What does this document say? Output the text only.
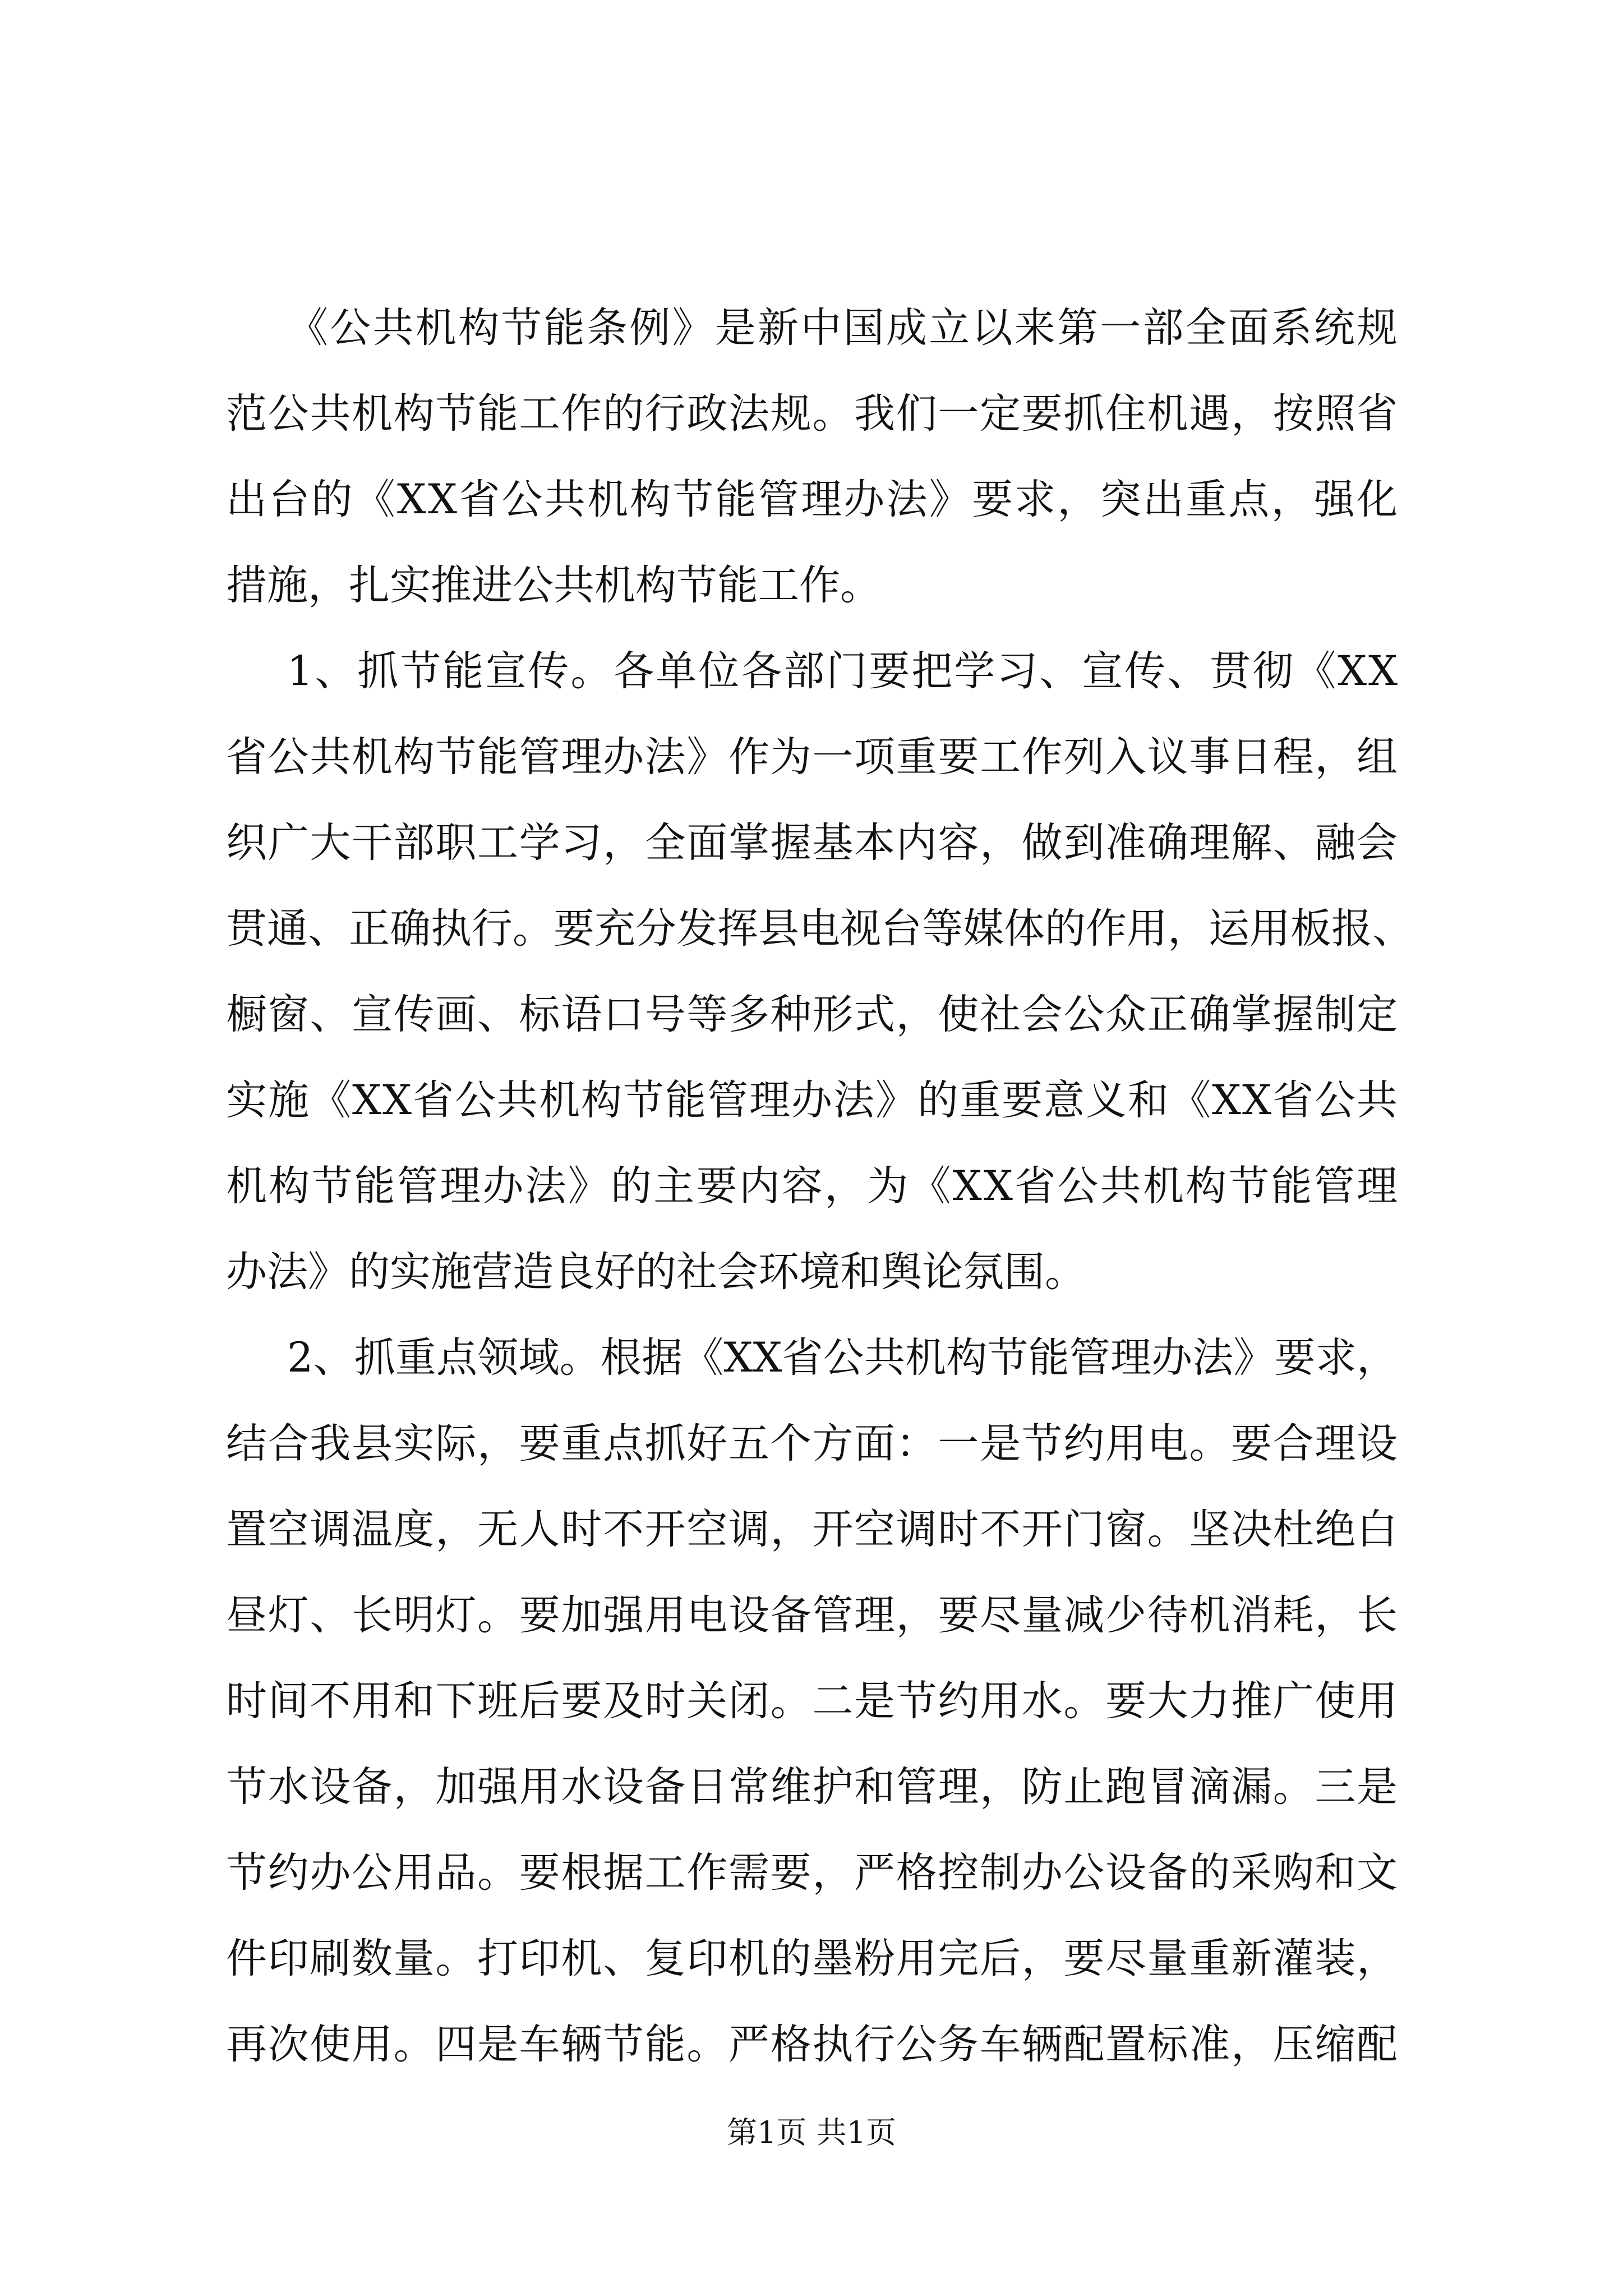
《公共机构节能条例》是新中国成立以来第一部全面系统规
范公共机构节能工作的行政法规。我们一定要抓住机遇，按照省
出台的《XX省公共机构节能管理办法》要求，突出重点，强化
措施，扎实推进公共机构节能工作。
1、抓节能宣传。各单位各部门要把学习、宣传、贯彻《XX
省公共机构节能管理办法》作为一项重要工作列入议事日程，组
织广大干部职工学习，全面掌握基本内容，做到准确理解、融会
贯通、正确执行。要充分发挥县电视台等媒体的作用，运用板报、
橱窗、宣传画、标语口号等多种形式，使社会公众正确掌握制定
实施《XX省公共机构节能管理办法》的重要意义和《XX省公共
机构节能管理办法》的主要内容，为《XX省公共机构节能管理
办法》的实施营造良好的社会环境和舆论氛围。
2、抓重点领域。根据《XX省公共机构节能管理办法》要求，
结合我县实际，要重点抓好五个方面：一是节约用电。要合理设
置空调温度，无人时不开空调，开空调时不开门窗。坚决杜绝白
昼灯、长明灯。要加强用电设备管理，要尽量减少待机消耗，长
时间不用和下班后要及时关闭。二是节约用水。要大力推广使用
节水设备，加强用水设备日常维护和管理，防止跑冒滴漏。三是
节约办公用品。要根据工作需要，严格控制办公设备的采购和文
件印刷数量。打印机、复印机的墨粉用完后，要尽量重新灌装，
再次使用。四是车辆节能。严格执行公务车辆配置标准，压缩配
第1页 共1页
